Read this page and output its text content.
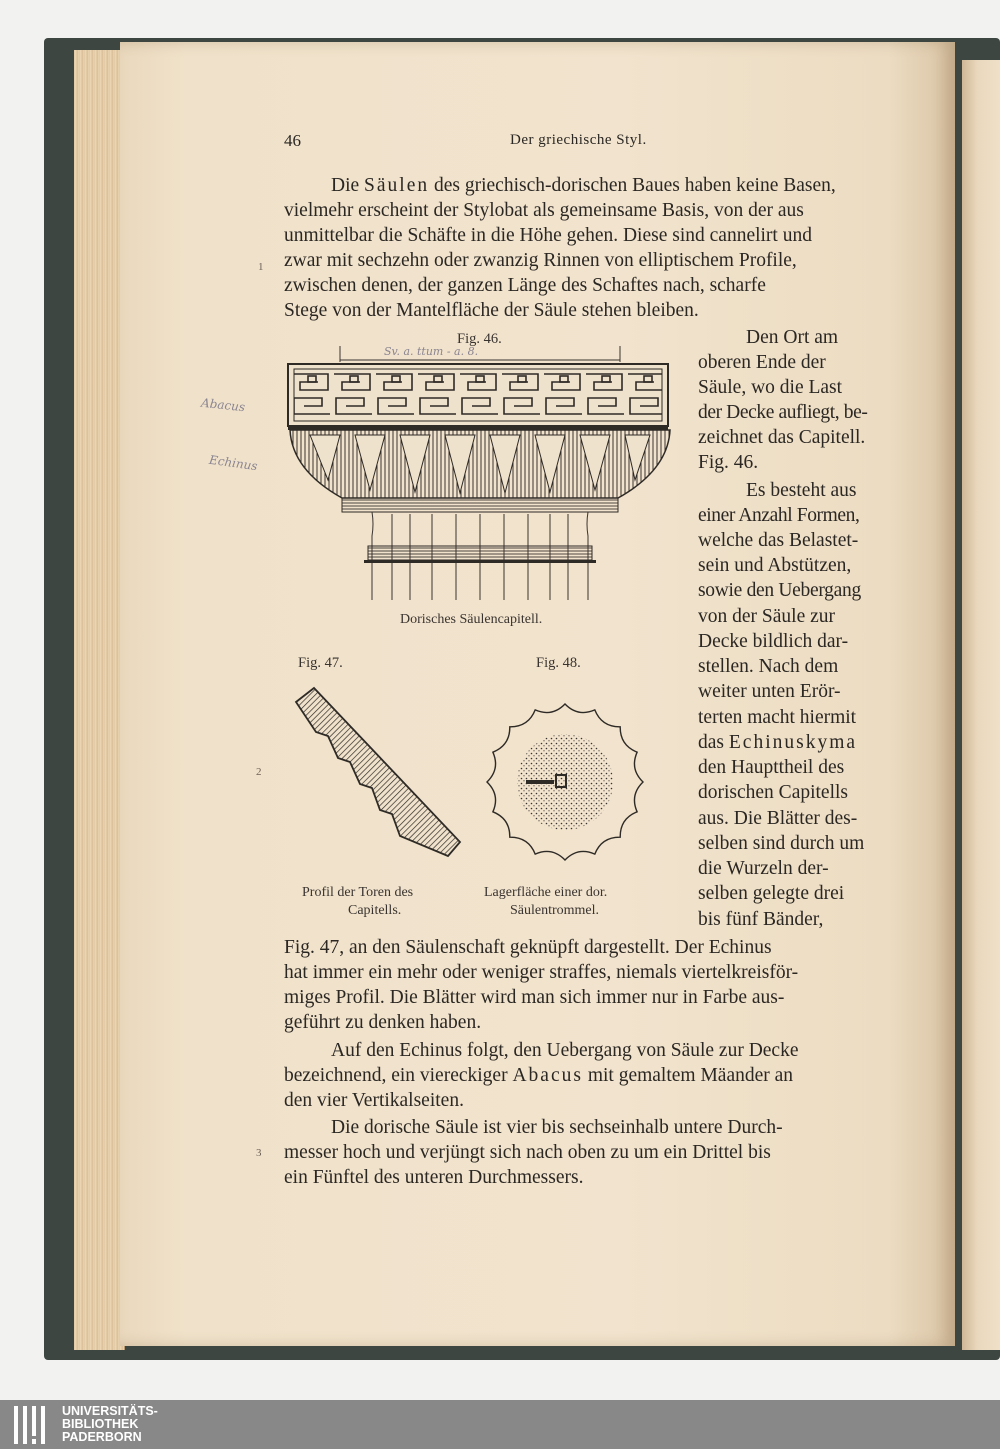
46	Der griechische Styl.
Die Säulen des griechisch-dorischen Baues haben keine Basen,
vielmehr erscheint der Stylobat als gemeinsame Basis, von der aus
unmittelbar die Schäfte in die Höhe gehen. Diese sind cannelirt und
zwar mit sechzehn oder zwanzig Rinnen von elliptischem Profile,
zwischen denen, der ganzen Länge des Schaftes nach, scharfe
Stege von der Mantelfläche der Säule stehen bleiben.
Den Ort am
oberen Ende der
Säule, wo die Last
der Decke aufliegt, be-
zeichnet das Capitell.
Fig. 46.
Es besteht aus
einer Anzahl Formen,
welche das Belastet-
sein und Abstützen,
sowie den Uebergang
von der Säule zur
Decke bildlich dar-
stellen. Nach dem
weiter unten Erör-
terten macht hiermit
das Echinuskyma
den Haupttheil des
dorischen Capitells
aus. Die Blätter des-
selben sind durch um
die Wurzeln der-
selben gelegte drei
bis fünf Bänder,
Fig. 47, an den Säulenschaft geknüpft dargestellt. Der Echinus
hat immer ein mehr oder weniger straffes, niemals viertelkreisför-
miges Profil. Die Blätter wird man sich immer nur in Farbe aus-
geführt zu denken haben.
Auf den Echinus folgt, den Uebergang von Säule zur Decke
bezeichnend, ein viereckiger Abacus mit gemaltem Mäander an
den vier Vertikalseiten.
Die dorische Säule ist vier bis sechseinhalb untere Durch-
messer hoch und verjüngt sich nach oben zu um ein Drittel bis
ein Fünftel des unteren Durchmessers.
1
2
3
Abacus
Echinus
Sv. a. ttum - a. 8.
Fig. 46.
Dorisches Säulencapitell.
Fig. 47.	Fig. 48.
Profil der Toren des
Capitells.
Lagerfläche einer dor.
Säulentrommel.
UNIVERSITÄTS-
BIBLIOTHEK
PADERBORN
